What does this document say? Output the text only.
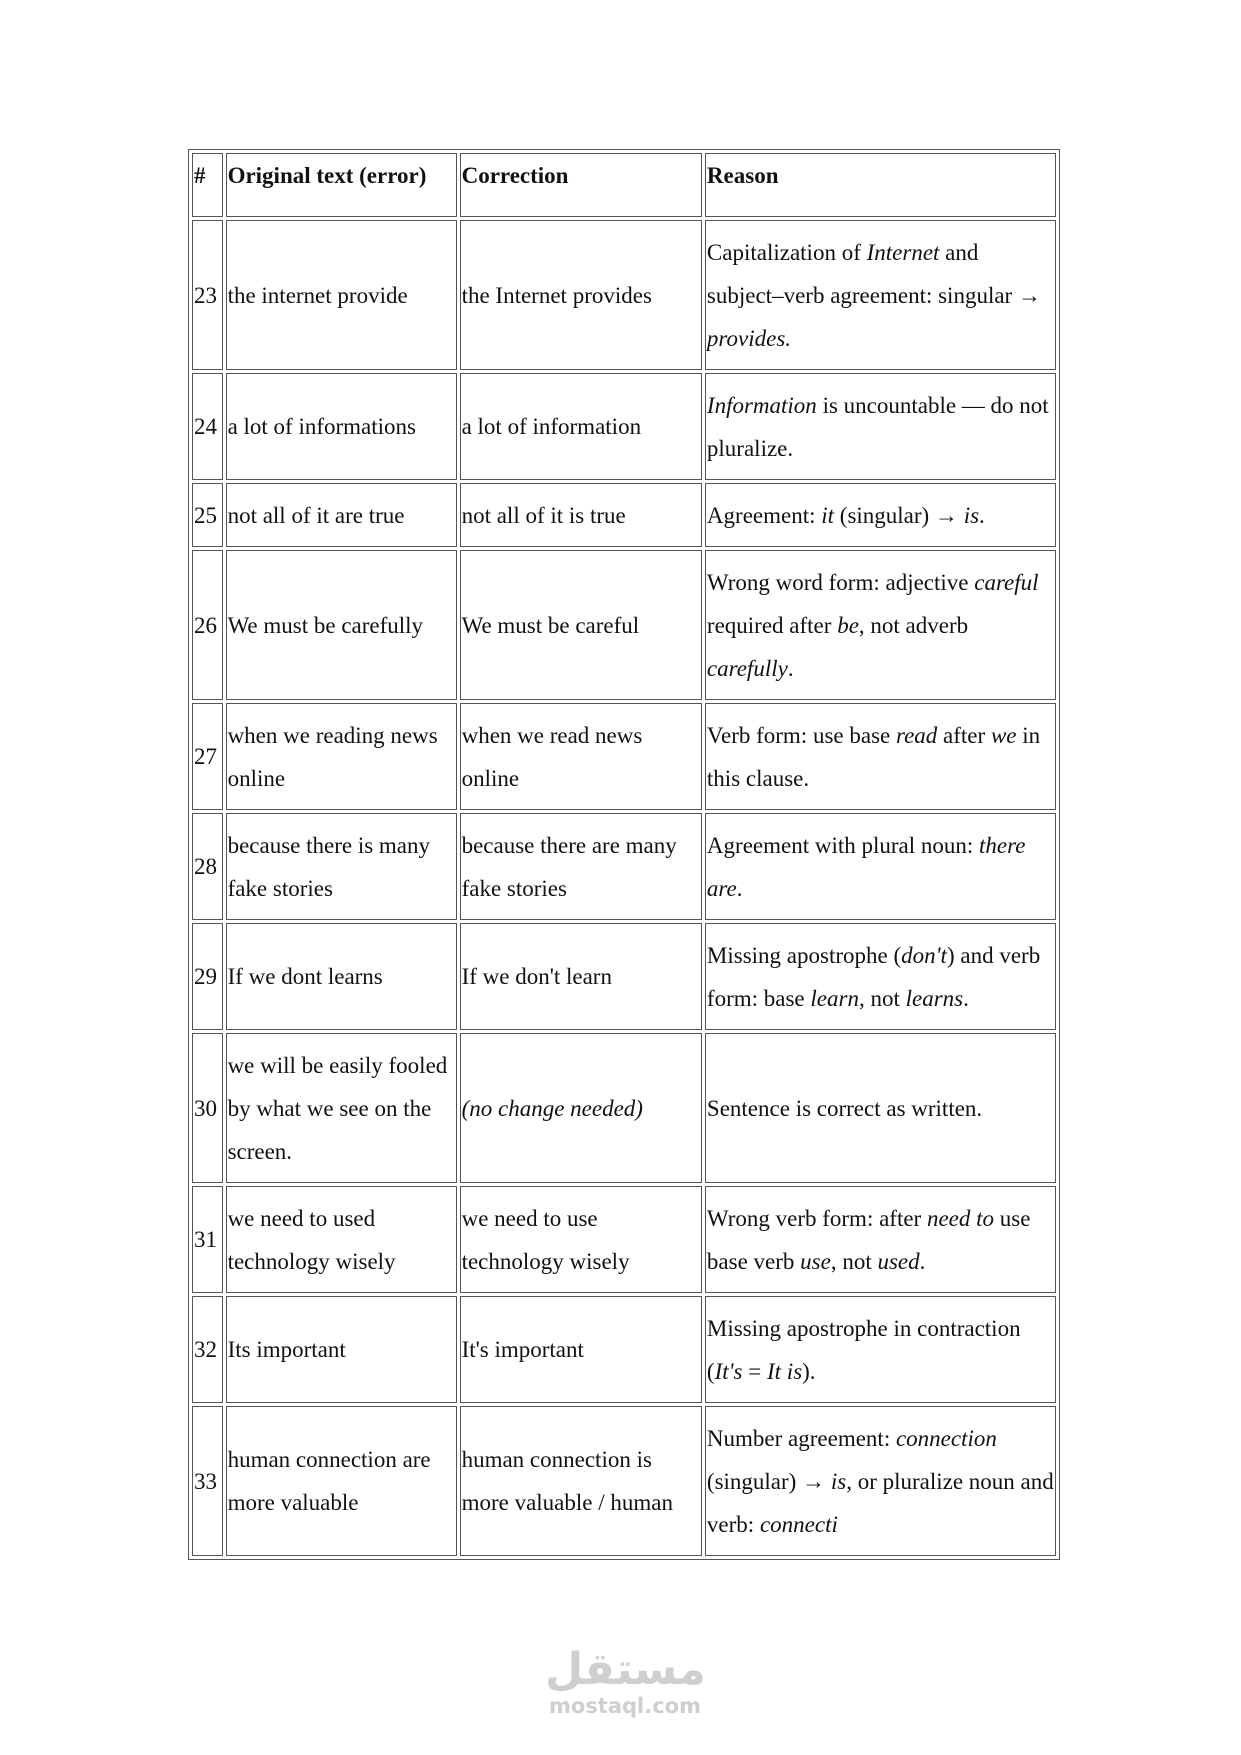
#	Original text (error)	Correction	Reason
23	the internet provide	the Internet provides	Capitalization of Internet and subject–verb agreement: singular → provides.
24	a lot of informations	a lot of information	Information is uncountable — do not pluralize.
25	not all of it are true	not all of it is true	Agreement: it (singular) → is.
26	We must be carefully	We must be careful	Wrong word form: adjective careful required after be, not adverb carefully.
27	when we reading news online	when we read news online	Verb form: use base read after we in this clause.
28	because there is many fake stories	because there are many fake stories	Agreement with plural noun: there are.
29	If we dont learns	If we don't learn	Missing apostrophe (don't) and verb form: base learn, not learns.
30	we will be easily fooled by what we see on the screen.	(no change needed)	Sentence is correct as written.
31	we need to used technology wisely	we need to use technology wisely	Wrong verb form: after need to use base verb use, not used.
32	Its important	It's important	Missing apostrophe in contraction (It's = It is).
33	human connection are more valuable	human connection is more valuable / human	Number agreement: connection (singular) → is, or pluralize noun and verb: connecti
مستقل
mostaql.com
